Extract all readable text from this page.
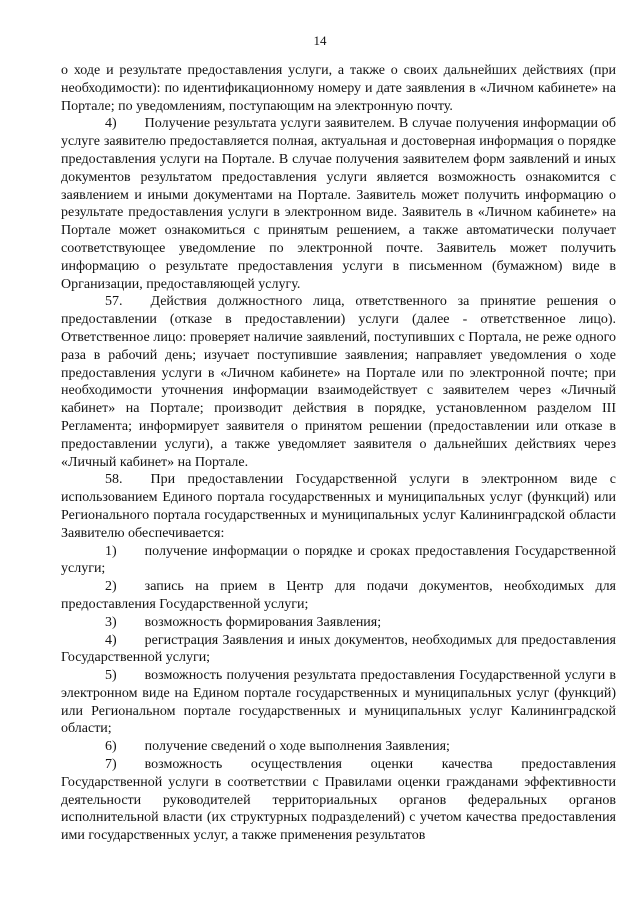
14

о ходе и результате предоставления услуги, а также о своих дальнейших действиях (при необходимости): по идентификационному номеру и дате заявления в «Личном кабинете» на Портале; по уведомлениям, поступающим на электронную почту.

4)  Получение результата услуги заявителем. В случае получения информации об услуге заявителю предоставляется полная, актуальная и достоверная информация о порядке предоставления услуги на Портале. В случае получения заявителем форм заявлений и иных документов результатом предоставления услуги является возможность ознакомится с заявлением и иными документами на Портале. Заявитель может получить информацию о результате предоставления услуги в электронном виде. Заявитель в «Личном кабинете» на Портале может ознакомиться с принятым решением, а также автоматически получает соответствующее уведомление по электронной почте. Заявитель может получить информацию о результате предоставления услуги в письменном (бумажном) виде в Организации, предоставляющей услугу.

57.  Действия должностного лица, ответственного за принятие решения о предоставлении (отказе в предоставлении) услуги (далее - ответственное лицо). Ответственное лицо: проверяет наличие заявлений, поступивших с Портала, не реже одного раза в рабочий день; изучает поступившие заявления; направляет уведомления о ходе предоставления услуги в «Личном кабинете» на Портале или по электронной почте; при необходимости уточнения информации взаимодействует с заявителем через «Личный кабинет» на Портале; производит действия в порядке, установленном разделом III Регламента; информирует заявителя о принятом решении (предоставлении или отказе в предоставлении услуги), а также уведомляет заявителя о дальнейших действиях через «Личный кабинет» на Портале.

58.  При предоставлении Государственной услуги в электронном виде с использованием Единого портала государственных и муниципальных услуг (функций) или Регионального портала государственных и муниципальных услуг Калининградской области Заявителю обеспечивается:

1)  получение информации о порядке и сроках предоставления Государственной услуги;

2)  запись на прием в Центр для подачи документов, необходимых для предоставления Государственной услуги;

3)  возможность формирования Заявления;

4)  регистрация Заявления и иных документов, необходимых для предоставления Государственной услуги;

5)  возможность получения результата предоставления Государственной услуги в электронном виде на Едином портале государственных и муниципальных услуг (функций) или Региональном портале государственных и муниципальных услуг Калининградской области;

6)  получение сведений о ходе выполнения Заявления;

7)  возможность осуществления оценки качества предоставления Государственной услуги в соответствии с Правилами оценки гражданами эффективности деятельности руководителей территориальных органов федеральных органов исполнительной власти (их структурных подразделений) с учетом качества предоставления ими государственных услуг, а также применения результатов
